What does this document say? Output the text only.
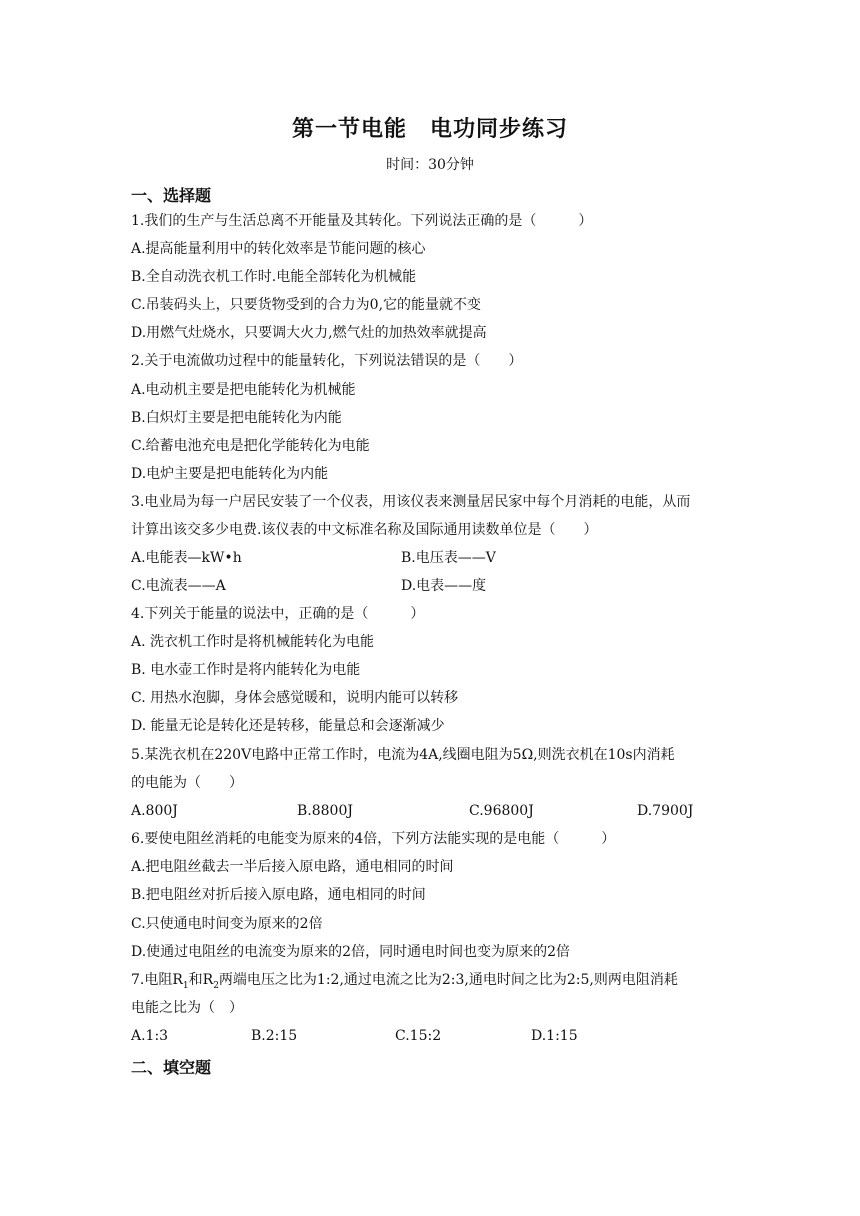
第一节电能　电功同步练习
时间：30分钟
一、选择题
1.我们的生产与生活总离不开能量及其转化。下列说法正确的是（　　　）
A.提高能量利用中的转化效率是节能问题的核心
B.全自动洗衣机工作时.电能全部转化为机械能
C.吊装码头上，只要货物受到的合力为0,它的能量就不变
D.用燃气灶烧水，只要调大火力,燃气灶的加热效率就提高
2.关于电流做功过程中的能量转化，下列说法错误的是（　　）
A.电动机主要是把电能转化为机械能
B.白炽灯主要是把电能转化为内能
C.给蓄电池充电是把化学能转化为电能
D.电炉主要是把电能转化为内能
3.电业局为每一户居民安装了一个仪表，用该仪表来测量居民家中每个月消耗的电能，从而
计算出该交多少电费.该仪表的中文标准名称及国际通用读数单位是（　　）
A.电能表—kW•h	B.电压表——V
C.电流表——A	D.电表——度
4.下列关于能量的说法中，正确的是（　　　）
A. 洗衣机工作时是将机械能转化为电能
B. 电水壶工作时是将内能转化为电能
C. 用热水泡脚，身体会感觉暖和，说明内能可以转移
D. 能量无论是转化还是转移，能量总和会逐渐减少
5.某洗衣机在220V电路中正常工作时，电流为4A,线圈电阻为5Ω,则洗衣机在10s内消耗
的电能为（　　）
A.800J	B.8800J	C.96800J	D.7900J
6.要使电阻丝消耗的电能变为原来的4倍，下列方法能实现的是电能（　　　）
A.把电阻丝截去一半后接入原电路，通电相同的时间
B.把电阻丝对折后接入原电路，通电相同的时间
C.只使通电时间变为原来的2倍
D.使通过电阻丝的电流变为原来的2倍，同时通电时间也变为原来的2倍
7.电阻$R_1$和$R_2$两端电压之比为1:2,通过电流之比为2:3,通电时间之比为2:5,则两电阻消耗
电能之比为（　）
A.1:3	B.2:15	C.15:2	D.1:15
二、填空题
